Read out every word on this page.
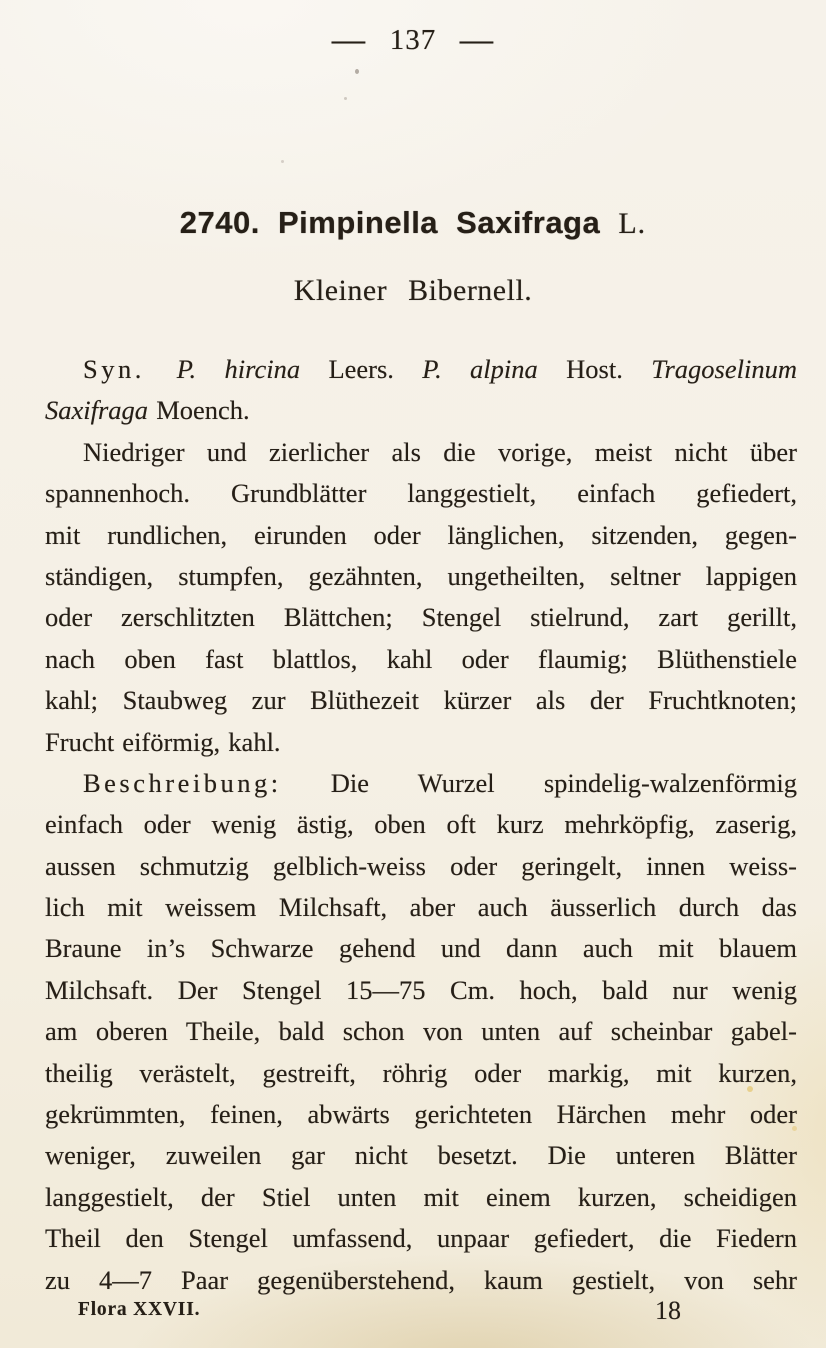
— 137 —
2740. Pimpinella Saxifraga L.
Kleiner Bibernell.
Syn. P. hircina Leers. P. alpina Host. Tragoselinum
Saxifraga Moench.
Niedriger und zierlicher als die vorige, meist nicht über
spannenhoch. Grundblätter langgestielt, einfach gefiedert,
mit rundlichen, eirunden oder länglichen, sitzenden, gegen-
ständigen, stumpfen, gezähnten, ungetheilten, seltner lappigen
oder zerschlitzten Blättchen; Stengel stielrund, zart gerillt,
nach oben fast blattlos, kahl oder flaumig; Blüthenstiele
kahl; Staubweg zur Blüthezeit kürzer als der Fruchtknoten;
Frucht eiförmig, kahl.
Beschreibung: Die Wurzel spindelig-walzenförmig
einfach oder wenig ästig, oben oft kurz mehrköpfig, zaserig,
aussen schmutzig gelblich-weiss oder geringelt, innen weiss-
lich mit weissem Milchsaft, aber auch äusserlich durch das
Braune in’s Schwarze gehend und dann auch mit blauem
Milchsaft. Der Stengel 15—75 Cm. hoch, bald nur wenig
am oberen Theile, bald schon von unten auf scheinbar gabel-
theilig verästelt, gestreift, röhrig oder markig, mit kurzen,
gekrümmten, feinen, abwärts gerichteten Härchen mehr oder
weniger, zuweilen gar nicht besetzt. Die unteren Blätter
langgestielt, der Stiel unten mit einem kurzen, scheidigen
Theil den Stengel umfassend, unpaar gefiedert, die Fiedern
zu 4—7 Paar gegenüberstehend, kaum gestielt, von sehr
Flora XXVII.	18
